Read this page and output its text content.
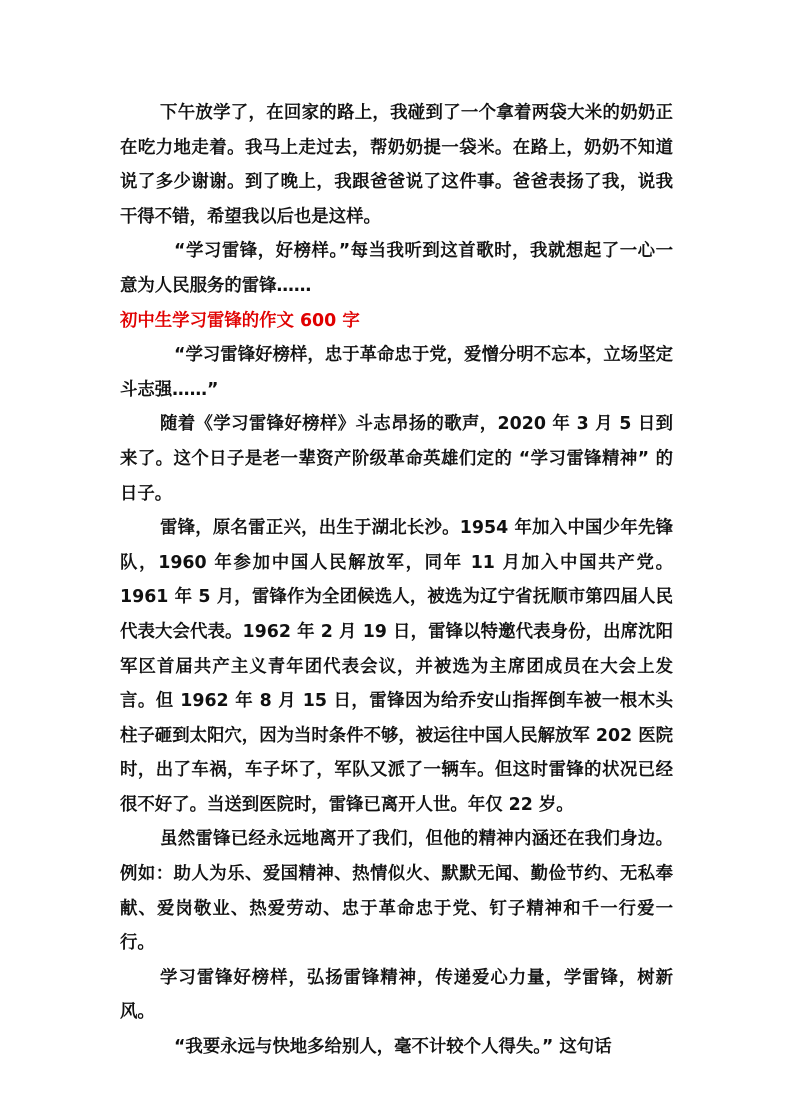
下午放学了，在回家的路上，我碰到了一个拿着两袋大米的奶奶正在吃力地走着。我马上走过去，帮奶奶提一袋米。在路上，奶奶不知道说了多少谢谢。到了晚上，我跟爸爸说了这件事。爸爸表扬了我，说我干得不错，希望我以后也是这样。

“学习雷锋，好榜样。”每当我听到这首歌时，我就想起了一心一意为人民服务的雷锋……

初中生学习雷锋的作文 600 字

“学习雷锋好榜样，忠于革命忠于党，爱憎分明不忘本，立场坚定斗志强……”

随着《学习雷锋好榜样》斗志昂扬的歌声，2020 年 3 月 5 日到来了。这个日子是老一辈资产阶级革命英雄们定的 “学习雷锋精神” 的日子。

雷锋，原名雷正兴，出生于湖北长沙。1954 年加入中国少年先锋队，1960 年参加中国人民解放军，同年 11 月加入中国共产党。1961 年 5 月，雷锋作为全团候选人，被选为辽宁省抚顺市第四届人民代表大会代表。1962 年 2 月 19 日，雷锋以特邀代表身份，出席沈阳军区首届共产主义青年团代表会议，并被选为主席团成员在大会上发言。但 1962 年 8 月 15 日，雷锋因为给乔安山指挥倒车被一根木头柱子砸到太阳穴，因为当时条件不够，被运往中国人民解放军 202 医院时，出了车祸，车子坏了，军队又派了一辆车。但这时雷锋的状况已经很不好了。当送到医院时，雷锋已离开人世。年仅 22 岁。

虽然雷锋已经永远地离开了我们，但他的精神内涵还在我们身边。例如：助人为乐、爱国精神、热情似火、默默无闻、勤俭节约、无私奉献、爱岗敬业、热爱劳动、忠于革命忠于党、钉子精神和千一行爱一行。

学习雷锋好榜样，弘扬雷锋精神，传递爱心力量，学雷锋，树新风。

“我要永远与快地多给别人，毫不计较个人得失。” 这句话
